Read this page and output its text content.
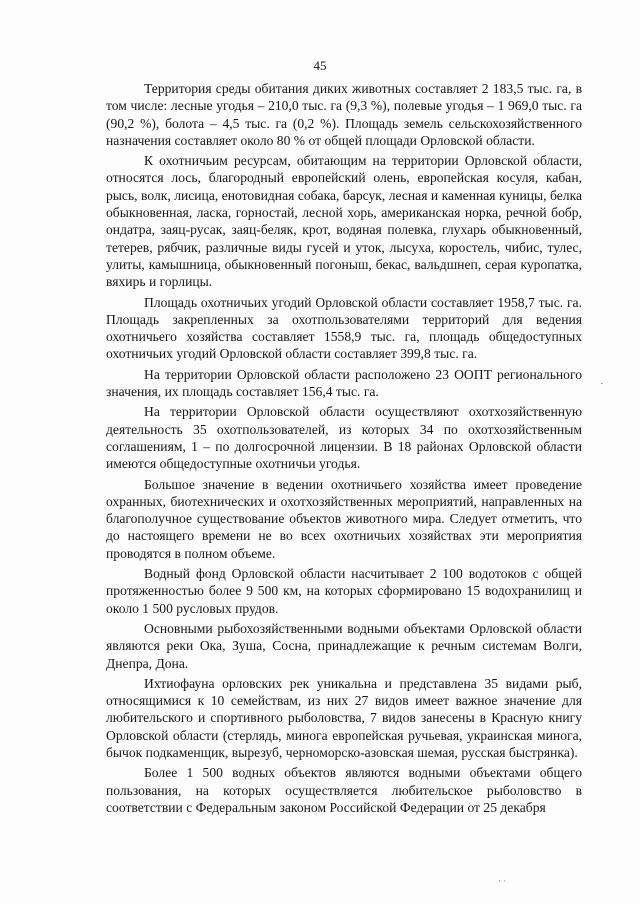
45

Территория среды обитания диких животных составляет 2 183,5 тыс. га, в том числе: лесные угодья – 210,0 тыс. га (9,3 %), полевые угодья – 1 969,0 тыс. га (90,2 %), болота – 4,5 тыс. га (0,2 %). Площадь земель сельскохозяйственного назначения составляет около 80 % от общей площади Орловской области.

К охотничьим ресурсам, обитающим на территории Орловской области, относятся лось, благородный европейский олень, европейская косуля, кабан, рысь, волк, лисица, енотовидная собака, барсук, лесная и каменная куницы, белка обыкновенная, ласка, горностай, лесной хорь, американская норка, речной бобр, ондатра, заяц-русак, заяц-беляк, крот, водяная полевка, глухарь обыкновенный, тетерев, рябчик, различные виды гусей и уток, лысуха, коростель, чибис, тулес, улиты, камышница, обыкновенный погоныш, бекас, вальдшнеп, серая куропатка, вяхирь и горлицы.

Площадь охотничьих угодий Орловской области составляет 1958,7 тыс. га. Площадь закрепленных за охотпользователями территорий для ведения охотничьего хозяйства составляет 1558,9 тыс. га, площадь общедоступных охотничьих угодий Орловской области составляет 399,8 тыс. га.

На территории Орловской области расположено 23 ООПТ регионального значения, их площадь составляет 156,4 тыс. га.

На территории Орловской области осуществляют охотхозяйственную деятельность 35 охотпользователей, из которых 34 по охотхозяйственным соглашениям, 1 – по долгосрочной лицензии. В 18 районах Орловской области имеются общедоступные охотничьи угодья.

Большое значение в ведении охотничьего хозяйства имеет проведение охранных, биотехнических и охотхозяйственных мероприятий, направленных на благополучное существование объектов животного мира. Следует отметить, что до настоящего времени не во всех охотничьих хозяйствах эти мероприятия проводятся в полном объеме.

Водный фонд Орловской области насчитывает 2 100 водотоков с общей протяженностью более 9 500 км, на которых сформировано 15 водохранилищ и около 1 500 русловых прудов.

Основными рыбохозяйственными водными объектами Орловской области являются реки Ока, Зуша, Сосна, принадлежащие к речным системам Волги, Днепра, Дона.

Ихтиофауна орловских рек уникальна и представлена 35 видами рыб, относящимися к 10 семействам, из них 27 видов имеет важное значение для любительского и спортивного рыболовства, 7 видов занесены в Красную книгу Орловской области (стерлядь, минога европейская ручьевая, украинская минога, бычок подкаменщик, вырезуб, черноморско-азовская шемая, русская быстрянка).

Более 1 500 водных объектов являются водными объектами общего пользования, на которых осуществляется любительское рыболовство в соответствии с Федеральным законом Российской Федерации от 25 декабря

·
· ·
